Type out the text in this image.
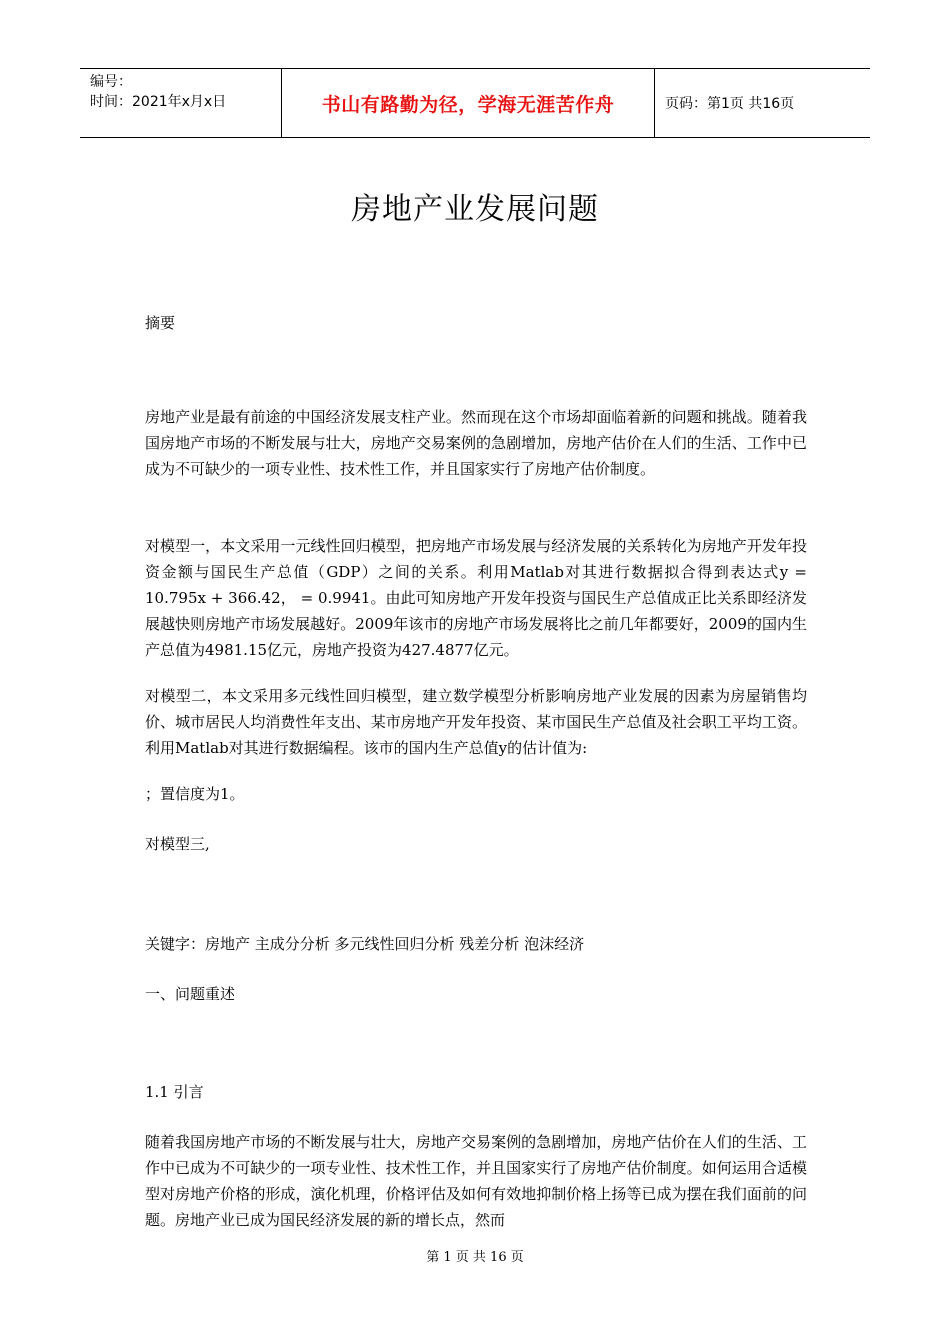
编号：
时间：2021年x月x日	书山有路勤为径，学海无涯苦作舟	页码：第1页 共16页
房地产业发展问题

摘要

房地产业是最有前途的中国经济发展支柱产业。然而现在这个市场却面临着新的问题和挑战。随着我国房地产市场的不断发展与壮大，房地产交易案例的急剧增加，房地产估价在人们的生活、工作中已成为不可缺少的一项专业性、技术性工作，并且国家实行了房地产估价制度。

对模型一，本文采用一元线性回归模型，把房地产市场发展与经济发展的关系转化为房地产开发年投资金额与国民生产总值（GDP）之间的关系。利用Matlab对其进行数据拟合得到表达式y = 10.795x + 366.42， = 0.9941。由此可知房地产开发年投资与国民生产总值成正比关系即经济发展越快则房地产市场发展越好。2009年该市的房地产市场发展将比之前几年都要好，2009的国内生产总值为4981.15亿元，房地产投资为427.4877亿元。

对模型二，本文采用多元线性回归模型，建立数学模型分析影响房地产业发展的因素为房屋销售均价、城市居民人均消费性年支出、某市房地产开发年投资、某市国民生产总值及社会职工平均工资。利用Matlab对其进行数据编程。该市的国内生产总值y的估计值为:

；置信度为1。

对模型三,

关键字：房地产 主成分分析 多元线性回归分析 残差分析 泡沫经济

一、问题重述

1.1 引言

随着我国房地产市场的不断发展与壮大，房地产交易案例的急剧增加，房地产估价在人们的生活、工作中已成为不可缺少的一项专业性、技术性工作，并且国家实行了房地产估价制度。如何运用合适模型对房地产价格的形成，演化机理，价格评估及如何有效地抑制价格上扬等已成为摆在我们面前的问题。房地产业已成为国民经济发展的新的增长点，然而

第 1 页 共 16 页
